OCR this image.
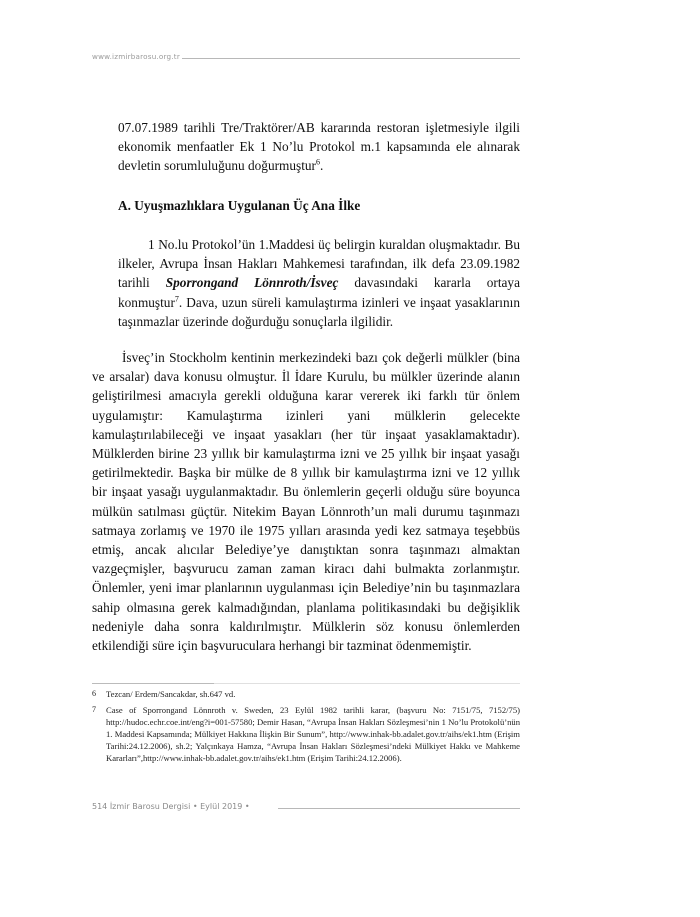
www.izmirbarosu.org.tr

07.07.1989 tarihli Tre/Traktörer/AB kararında restoran işletmesiyle ilgili ekonomik menfaatler Ek 1 No’lu Protokol m.1 kapsamında ele alınarak devletin sorumluluğunu doğurmuştur$^6$.

A. Uyuşmazlıklara Uygulanan Üç Ana İlke

1 No.lu Protokol’ün 1.Maddesi üç belirgin kuraldan oluşmaktadır. Bu ilkeler, Avrupa İnsan Hakları Mahkemesi tarafından, ilk defa 23.09.1982 tarihli Sporrongand Lönnroth/İsveç davasındaki kararla ortaya konmuştur$^7$. Dava, uzun süreli kamulaştırma izinleri ve inşaat yasaklarının taşınmazlar üzerinde doğurduğu sonuçlarla ilgilidir.

İsveç’in Stockholm kentinin merkezindeki bazı çok değerli mülkler (bina ve arsalar) dava konusu olmuştur. İl İdare Kurulu, bu mülkler üzerinde alanın geliştirilmesi amacıyla gerekli olduğuna karar vererek iki farklı tür önlem uygulamıştır: Kamulaştırma izinleri yani mülklerin gelecekte kamulaştırılabileceği ve inşaat yasakları (her tür inşaat yasaklamaktadır). Mülklerden birine 23 yıllık bir kamulaştırma izni ve 25 yıllık bir inşaat yasağı getirilmektedir. Başka bir mülke de 8 yıllık bir kamulaştırma izni ve 12 yıllık bir inşaat yasağı uygulanmaktadır. Bu önlemlerin geçerli olduğu süre boyunca mülkün satılması güçtür. Nitekim Bayan Lönnroth’un mali durumu taşınmazı satmaya zorlamış ve 1970 ile 1975 yılları arasında yedi kez satmaya teşebbüs etmiş, ancak alıcılar Belediye’ye danıştıktan sonra taşınmazı almaktan vazgeçmişler, başvurucu zaman zaman kiracı dahi bulmakta zorlanmıştır. Önlemler, yeni imar planlarının uygulanması için Belediye’nin bu taşınmazlara sahip olmasına gerek kalmadığından, planlama politikasındaki bu değişiklik nedeniyle daha sonra kaldırılmıştır. Mülklerin söz konusu önlemlerden etkilendiği süre için başvuruculara herhangi bir tazminat ödenmemiştir.

6	Tezcan/ Erdem/Sancakdar, sh.647 vd.
7	Case of Sporrongand Lönnroth v. Sweden, 23 Eylül 1982 tarihli karar, (başvuru No: 7151/75, 7152/75) http://hudoc.echr.coe.int/eng?i=001-57580; Demir Hasan, “Avrupa İnsan Hakları Sözleşmesi’nin 1 No’lu Protokolü’nün 1. Maddesi Kapsamında; Mülkiyet Hakkına İlişkin Bir Sunum”, http://www.inhak-bb.adalet.gov.tr/aihs/ek1.htm (Erişim Tarihi:24.12.2006), sh.2; Yalçınkaya Hamza, “Avrupa İnsan Hakları Sözleşmesi’ndeki Mülkiyet Hakkı ve Mahkeme Kararları”,http://www.inhak-bb.adalet.gov.tr/aihs/ek1.htm (Erişim Tarihi:24.12.2006).
514 İzmir Barosu Dergisi • Eylül 2019 •
